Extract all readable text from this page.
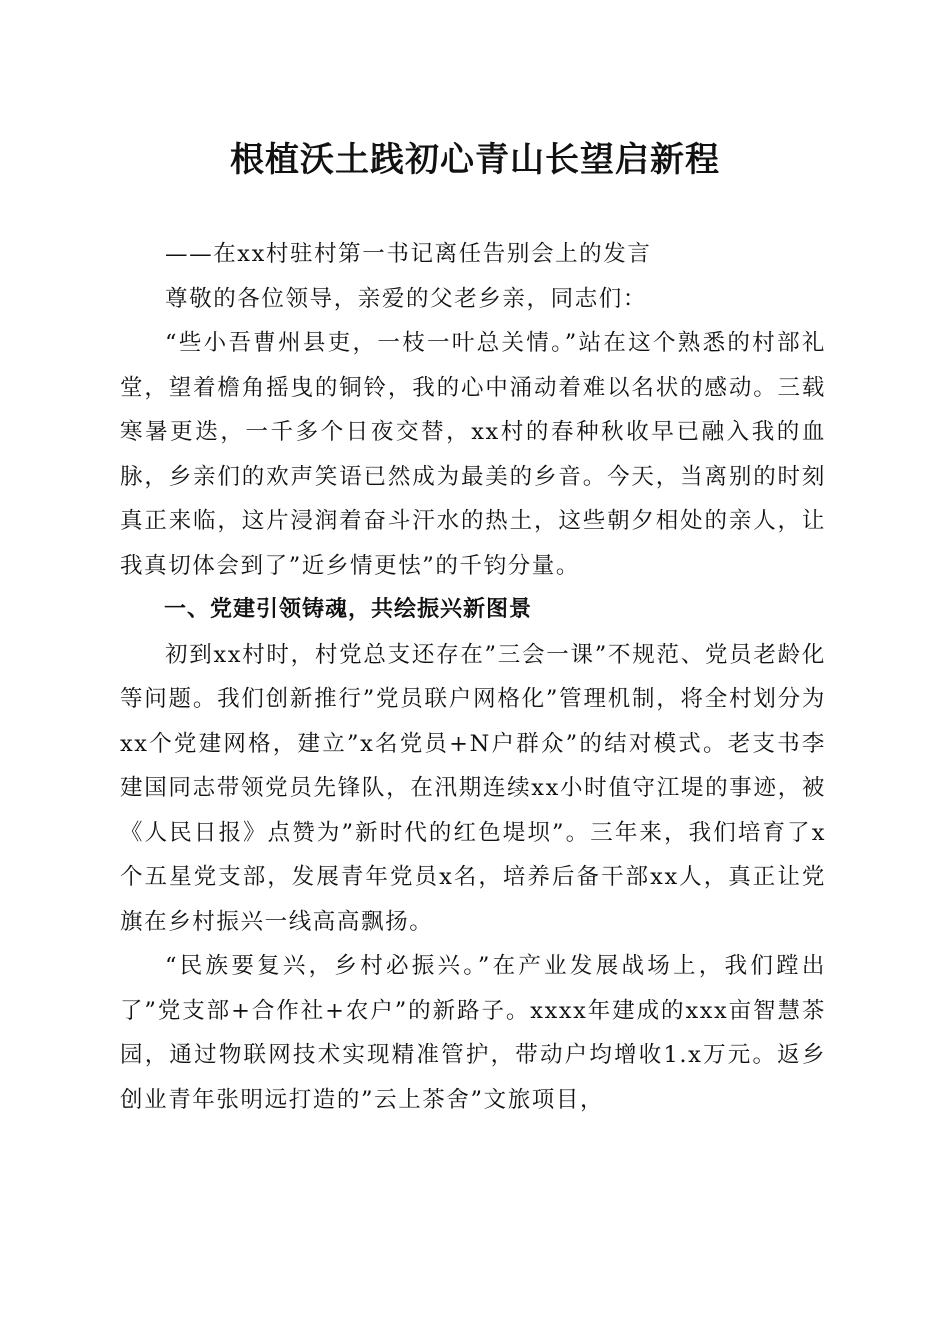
根植沃土践初心青山长望启新程

——在xx村驻村第一书记离任告别会上的发言

尊敬的各位领导，亲爱的父老乡亲，同志们：

“些小吾曹州县吏，一枝一叶总关情。”站在这个熟悉的村部礼堂，望着檐角摇曳的铜铃，我的心中涌动着难以名状的感动。三载寒暑更迭，一千多个日夜交替，xx村的春种秋收早已融入我的血脉，乡亲们的欢声笑语已然成为最美的乡音。今天，当离别的时刻真正来临，这片浸润着奋斗汗水的热土，这些朝夕相处的亲人，让我真切体会到了”近乡情更怯”的千钧分量。

一、党建引领铸魂，共绘振兴新图景

初到xx村时，村党总支还存在”三会一课”不规范、党员老龄化等问题。我们创新推行”党员联户网格化”管理机制，将全村划分为xx个党建网格，建立”x名党员+N户群众”的结对模式。老支书李建国同志带领党员先锋队，在汛期连续xx小时值守江堤的事迹，被《人民日报》点赞为”新时代的红色堤坝”。三年来，我们培育了x个五星党支部，发展青年党员x名，培养后备干部xx人，真正让党旗在乡村振兴一线高高飘扬。

“民族要复兴，乡村必振兴。”在产业发展战场上，我们蹚出了”党支部+合作社+农户”的新路子。xxxx年建成的xxx亩智慧茶园，通过物联网技术实现精准管护，带动户均增收1.x万元。返乡创业青年张明远打造的”云上茶舍”文旅项目，
